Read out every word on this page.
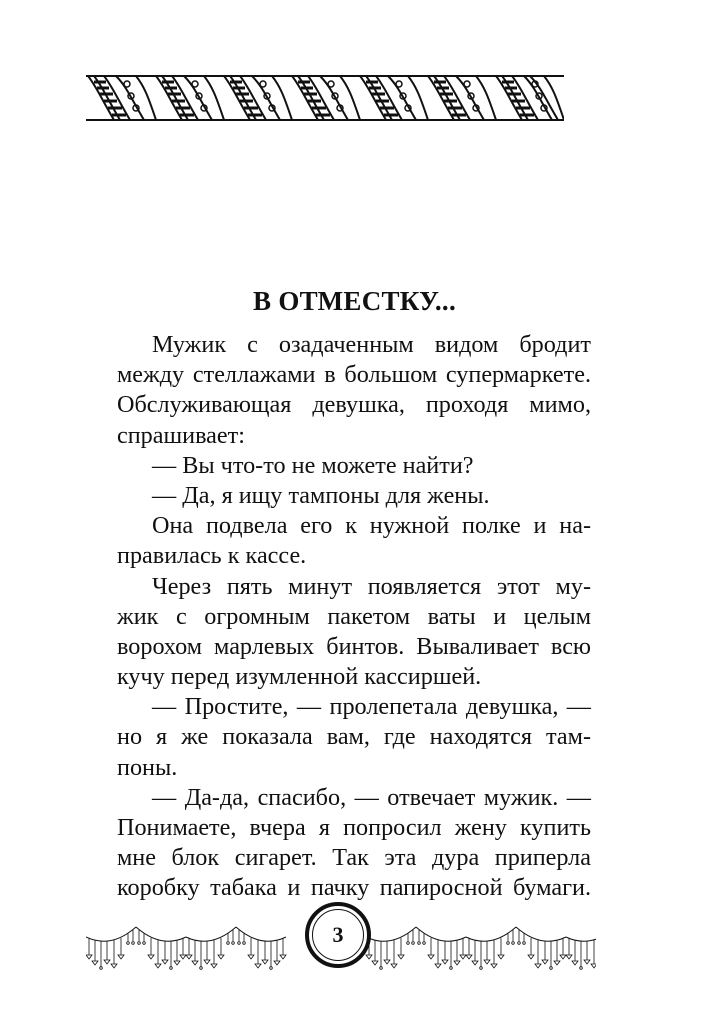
В ОТМЕСТКУ...
Мужик с озадаченным видом бродит
между стеллажами в большом супермаркете.
Обслуживающая девушка, проходя мимо,
спрашивает:
— Вы что-то не можете найти?
— Да, я ищу тампоны для жены.
Она подвела его к нужной полке и на-
правилась к кассе.
Через пять минут появляется этот му-
жик с огромным пакетом ваты и целым
ворохом марлевых бинтов. Вываливает всю
кучу перед изумленной кассиршей.
— Простите, — пролепетала девушка, —
но я же показала вам, где находятся там-
поны.
— Да-да, спасибо, — отвечает мужик. —
Понимаете, вчера я попросил жену купить
мне блок сигарет. Так эта дура приперла
коробку табака и пачку папиросной бумаги.
3
